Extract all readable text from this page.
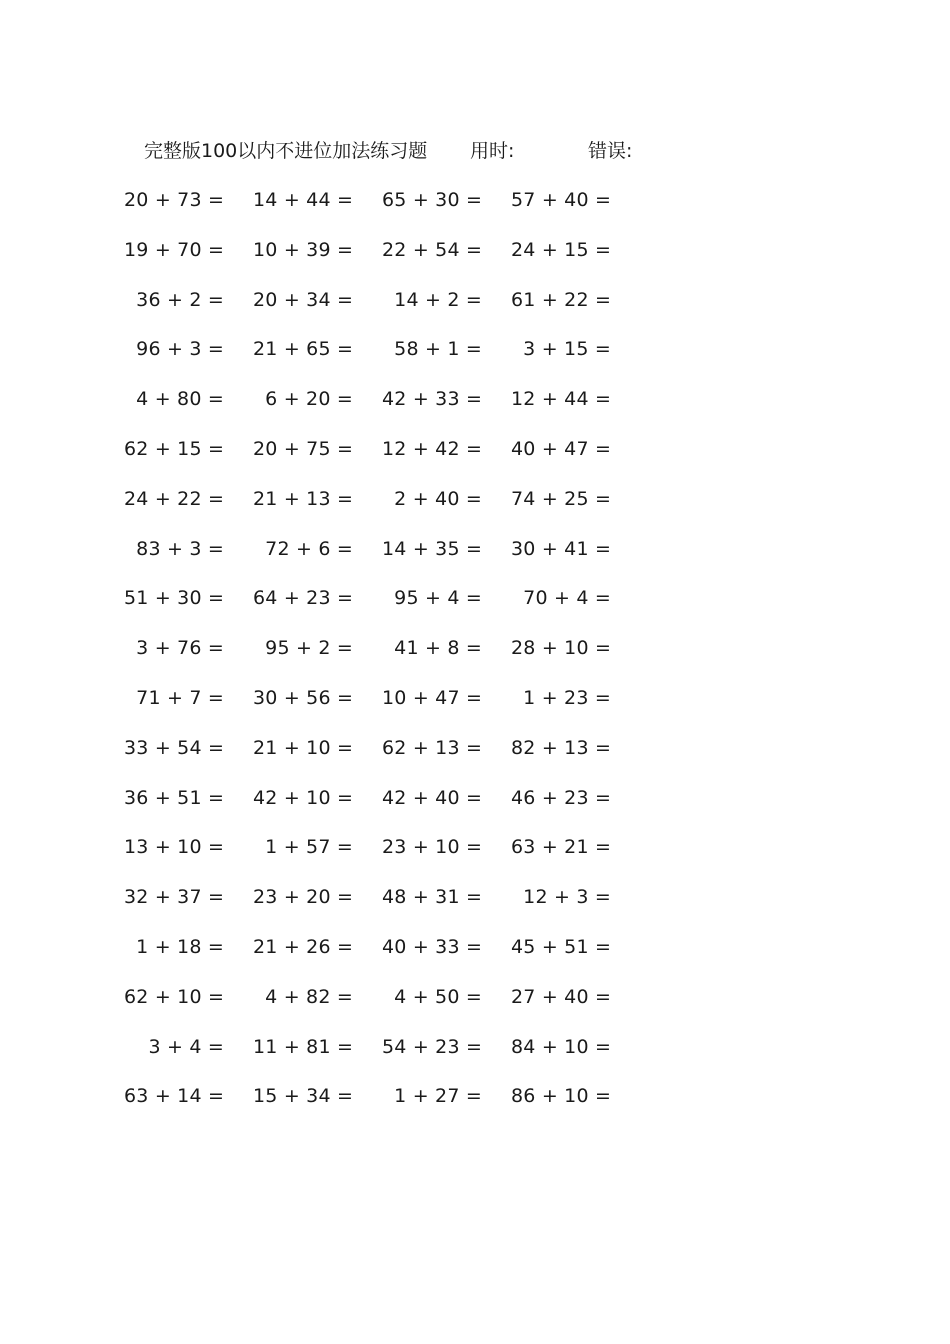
完整版100以内不进位加法练习题 用时:	错误:
20 + 73 = 14 + 44 = 65 + 30 = 57 + 40 =
19 + 70 = 10 + 39 = 22 + 54 = 24 + 15 =
36 + 2 = 20 + 34 =	14 + 2 = 61 + 22 =
96 + 3 = 21 + 65 =	58 + 1 =	3 + 15 =
4 + 80 =	6 + 20 = 42 + 33 = 12 + 44 =
62 + 15 = 20 + 75 = 12 + 42 = 40 + 47 =
24 + 22 = 21 + 13 =	2 + 40 = 74 + 25 =
83 + 3 =	72 + 6 = 14 + 35 = 30 + 41 =
51 + 30 = 64 + 23 =	95 + 4 =	70 + 4 =
3 + 76 =	95 + 2 =	41 + 8 = 28 + 10 =
71 + 7 = 30 + 56 = 10 + 47 =	1 + 23 =
33 + 54 = 21 + 10 = 62 + 13 = 82 + 13 =
36 + 51 = 42 + 10 = 42 + 40 = 46 + 23 =
13 + 10 =	1 + 57 = 23 + 10 = 63 + 21 =
32 + 37 = 23 + 20 = 48 + 31 =	12 + 3 =
1 + 18 = 21 + 26 = 40 + 33 = 45 + 51 =
62 + 10 =	4 + 82 =	4 + 50 = 27 + 40 =
3 + 4 = 11 + 81 = 54 + 23 = 84 + 10 =
63 + 14 = 15 + 34 =	1 + 27 = 86 + 10 =
